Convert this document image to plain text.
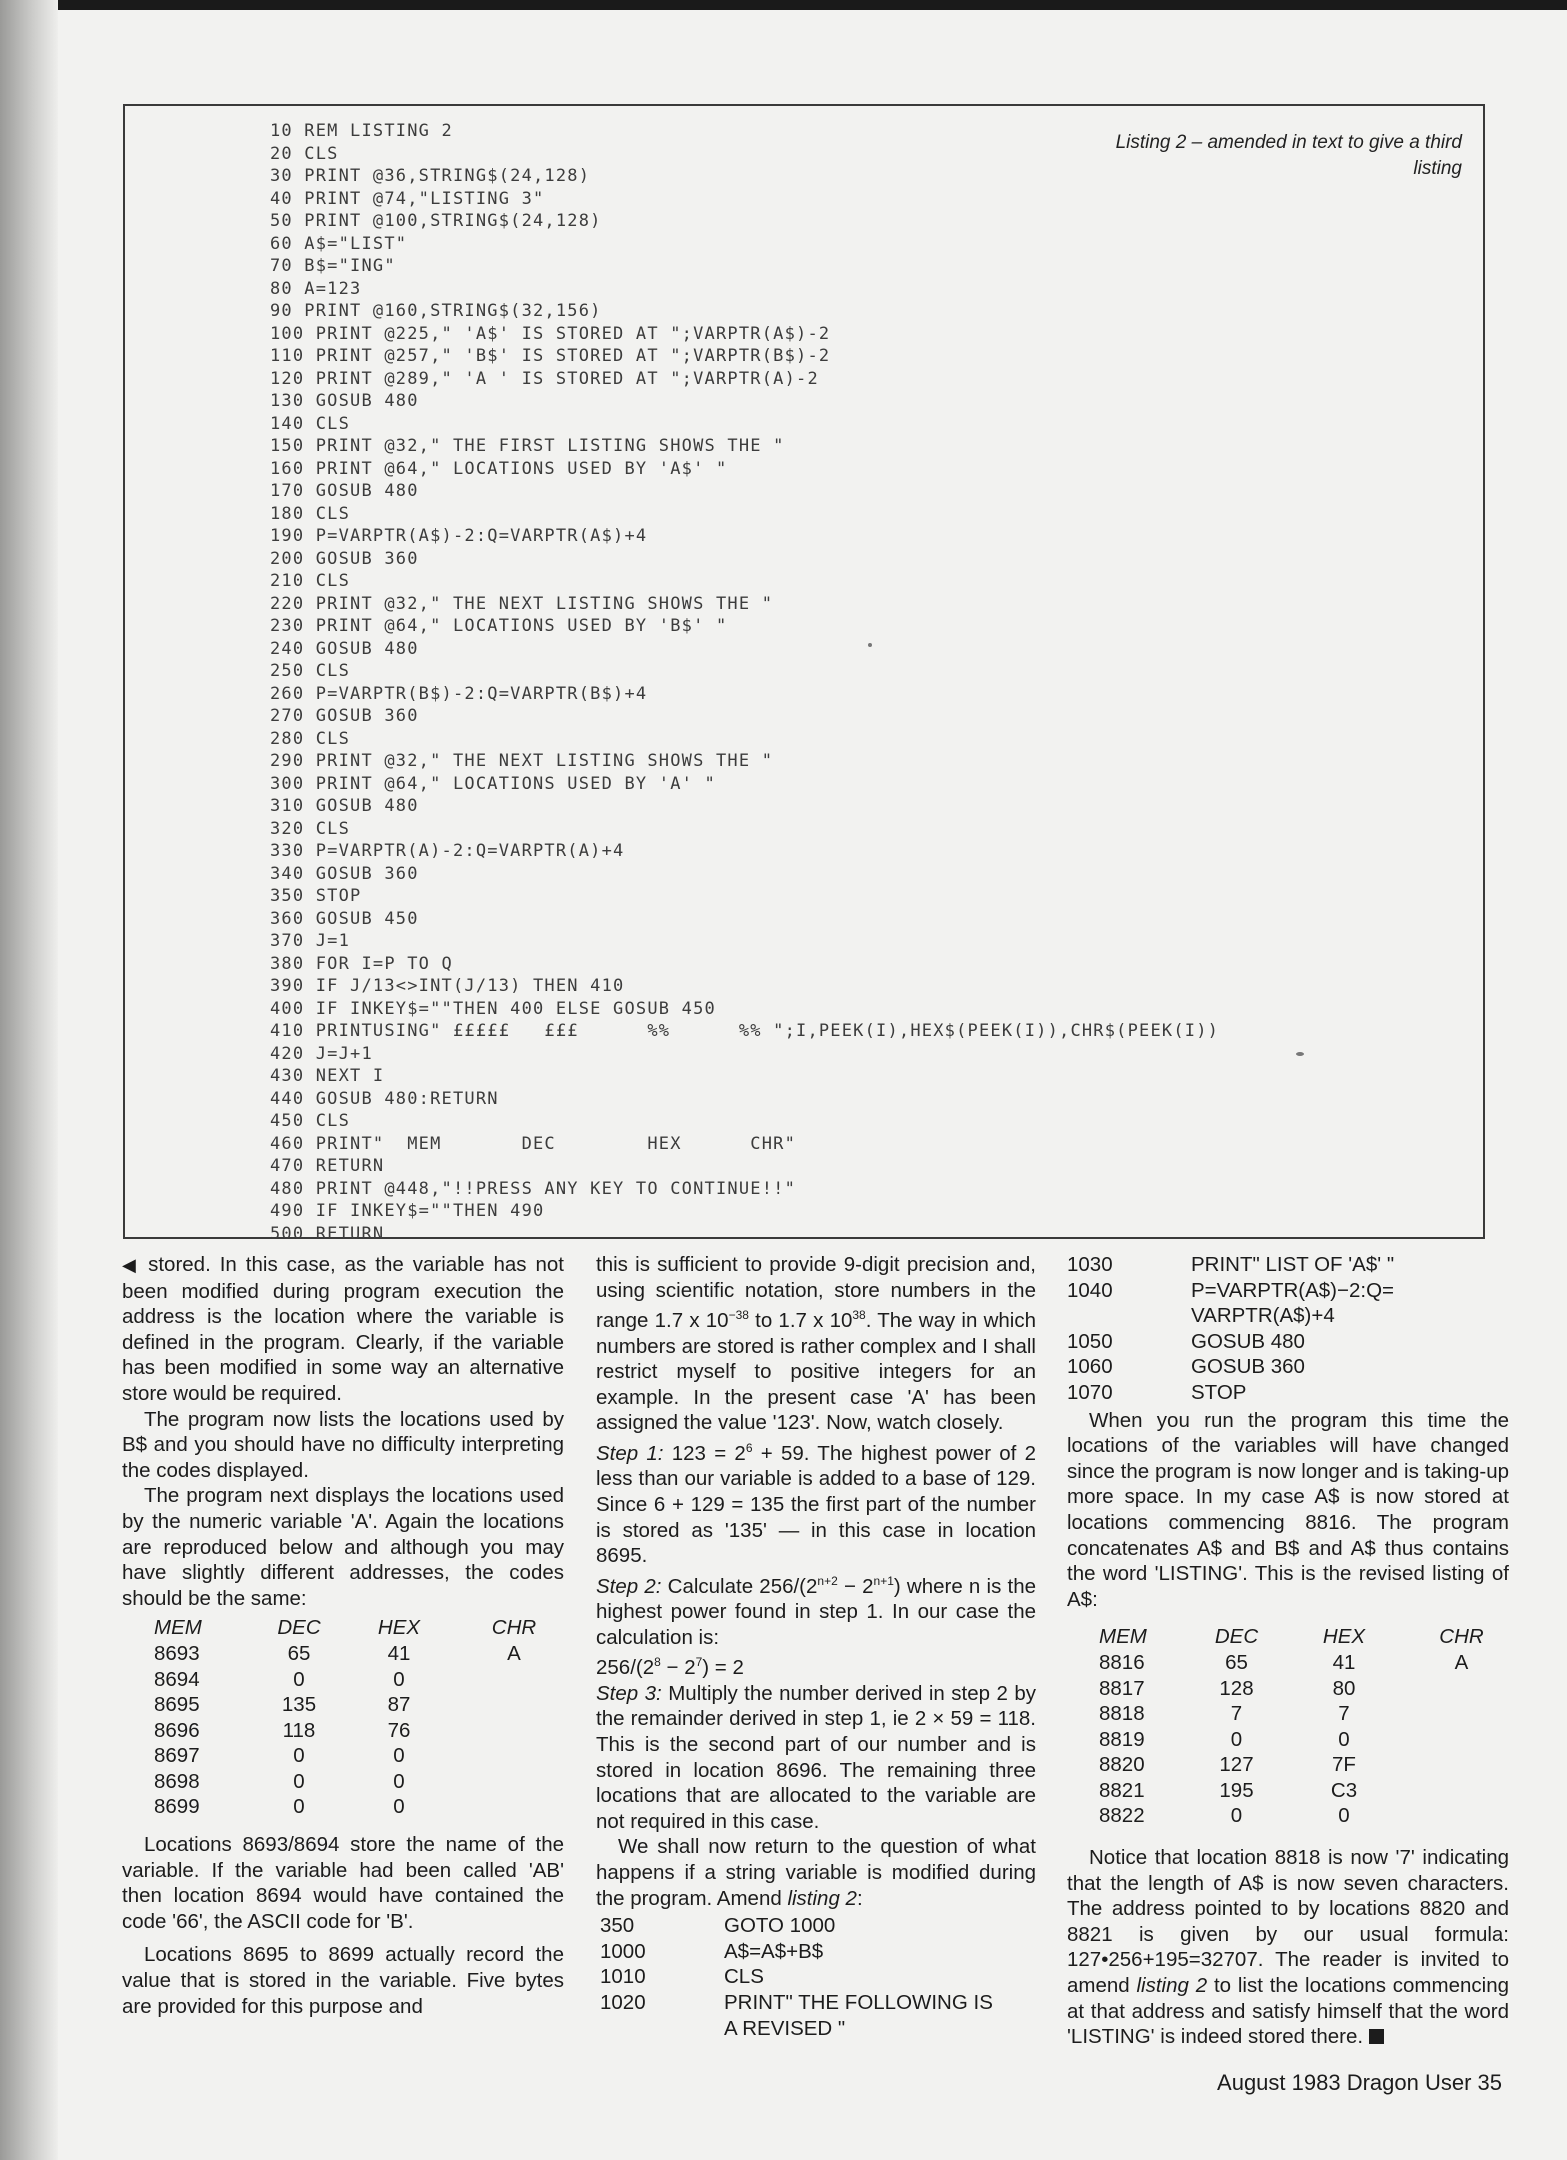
Listing 2 – amended in text to give a third listing
10 REM LISTING 2
20 CLS
30 PRINT @36,STRING$(24,128)
40 PRINT @74,"LISTING 3"
50 PRINT @100,STRING$(24,128)
60 A$="LIST"
70 B$="ING"
80 A=123
90 PRINT @160,STRING$(32,156)
100 PRINT @225," 'A$' IS STORED AT ";VARPTR(A$)-2
110 PRINT @257," 'B$' IS STORED AT ";VARPTR(B$)-2
120 PRINT @289," 'A ' IS STORED AT ";VARPTR(A)-2
130 GOSUB 480
140 CLS
150 PRINT @32," THE FIRST LISTING SHOWS THE "
160 PRINT @64," LOCATIONS USED BY 'A$' "
170 GOSUB 480
180 CLS
190 P=VARPTR(A$)-2:Q=VARPTR(A$)+4
200 GOSUB 360
210 CLS
220 PRINT @32," THE NEXT LISTING SHOWS THE "
230 PRINT @64," LOCATIONS USED BY 'B$' "
240 GOSUB 480
250 CLS
260 P=VARPTR(B$)-2:Q=VARPTR(B$)+4
270 GOSUB 360
280 CLS
290 PRINT @32," THE NEXT LISTING SHOWS THE "
300 PRINT @64," LOCATIONS USED BY 'A' "
310 GOSUB 480
320 CLS
330 P=VARPTR(A)-2:Q=VARPTR(A)+4
340 GOSUB 360
350 STOP
360 GOSUB 450
370 J=1
380 FOR I=P TO Q
390 IF J/13<>INT(J/13) THEN 410
400 IF INKEY$=""THEN 400 ELSE GOSUB 450
410 PRINTUSING" £££££   £££      %%      %% ";I,PEEK(I),HEX$(PEEK(I)),CHR$(PEEK(I))
420 J=J+1
430 NEXT I
440 GOSUB 480:RETURN
450 CLS
460 PRINT"  MEM       DEC        HEX      CHR"
470 RETURN
480 PRINT @448,"!!PRESS ANY KEY TO CONTINUE!!"
490 IF INKEY$=""THEN 490
500 RETURN

◀ stored. In this case, as the variable has not been modified during program execution the address is the location where the variable is defined in the program. Clearly, if the variable has been modified in some way an alternative store would be required.

The program now lists the locations used by B$ and you should have no difficulty interpreting the codes displayed.

The program next displays the locations used by the numeric variable 'A'. Again the locations are reproduced below and although you may have slightly different addresses, the codes should be the same:

MEM	DEC	HEX	CHR
8693	65	41	A
8694	0	0	
8695	135	87	
8696	118	76	
8697	0	0	
8698	0	0	
8699	0	0	

Locations 8693/8694 store the name of the variable. If the variable had been called 'AB' then location 8694 would have contained the code '66', the ASCII code for 'B'.

Locations 8695 to 8699 actually record the value that is stored in the variable. Five bytes are provided for this purpose and

this is sufficient to provide 9-digit precision and, using scientific notation, store numbers in the range 1.7 x $10^{-38}$ to 1.7 x $10^{38}$. The way in which numbers are stored is rather complex and I shall restrict myself to positive integers for an example. In the present case 'A' has been assigned the value '123'. Now, watch closely.

Step 1: $123 = 2^6 + 59$. The highest power of 2 less than our variable is added to a base of 129. Since 6 + 129 = 135 the first part of the number is stored as '135' — in this case in location 8695.

Step 2: Calculate $256/(2^{n+2} - 2^{n+1})$ where n is the highest power found in step 1. In our case the calculation is:

$256/(2^8 - 2^7) = 2$

Step 3: Multiply the number derived in step 2 by the remainder derived in step 1, ie 2 × 59 = 118. This is the second part of our number and is stored in location 8696. The remaining three locations that are allocated to the variable are not required in this case.

We shall now return to the question of what happens if a string variable is modified during the program. Amend listing 2:

350	GOTO 1000
1000	A$=A$+B$
1010	CLS
1020	PRINT" THE FOLLOWING IS
A REVISED "
1030	PRINT" LIST OF 'A$' "
1040	P=VARPTR(A$)−2:Q=
VARPTR(A$)+4
1050	GOSUB 480
1060	GOSUB 360
1070	STOP

When you run the program this time the locations of the variables will have changed since the program is now longer and is taking-up more space. In my case A$ is now stored at locations commencing 8816. The program concatenates A$ and B$ and A$ thus contains the word 'LISTING'. This is the revised listing of A$:

MEM	DEC	HEX	CHR
8816	65	41	A
8817	128	80	
8818	7	7	
8819	0	0	
8820	127	7F	
8821	195	C3	
8822	0	0	

Notice that location 8818 is now '7' indicating that the length of A$ is now seven characters. The address pointed to by locations 8820 and 8821 is given by our usual formula: 127•256+195=32707. The reader is invited to amend listing 2 to list the locations commencing at that address and satisfy himself that the word 'LISTING' is indeed stored there.

August 1983 Dragon User 35
